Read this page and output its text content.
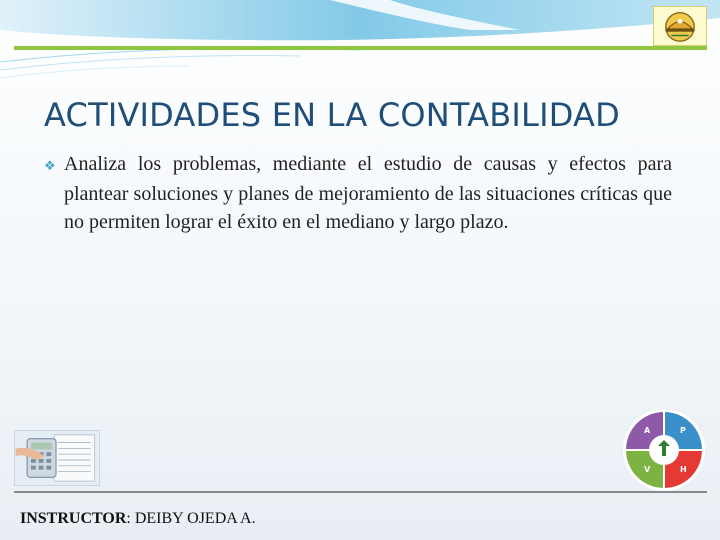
ACTIVIDADES EN LA CONTABILIDAD

❖ Analiza los problemas, mediante el estudio de causas y efectos para plantear soluciones y planes de mejoramiento de las situaciones críticas que no permiten lograr el éxito en el mediano y largo plazo.

A	P
V	H
INSTRUCTOR: DEIBY OJEDA A.
